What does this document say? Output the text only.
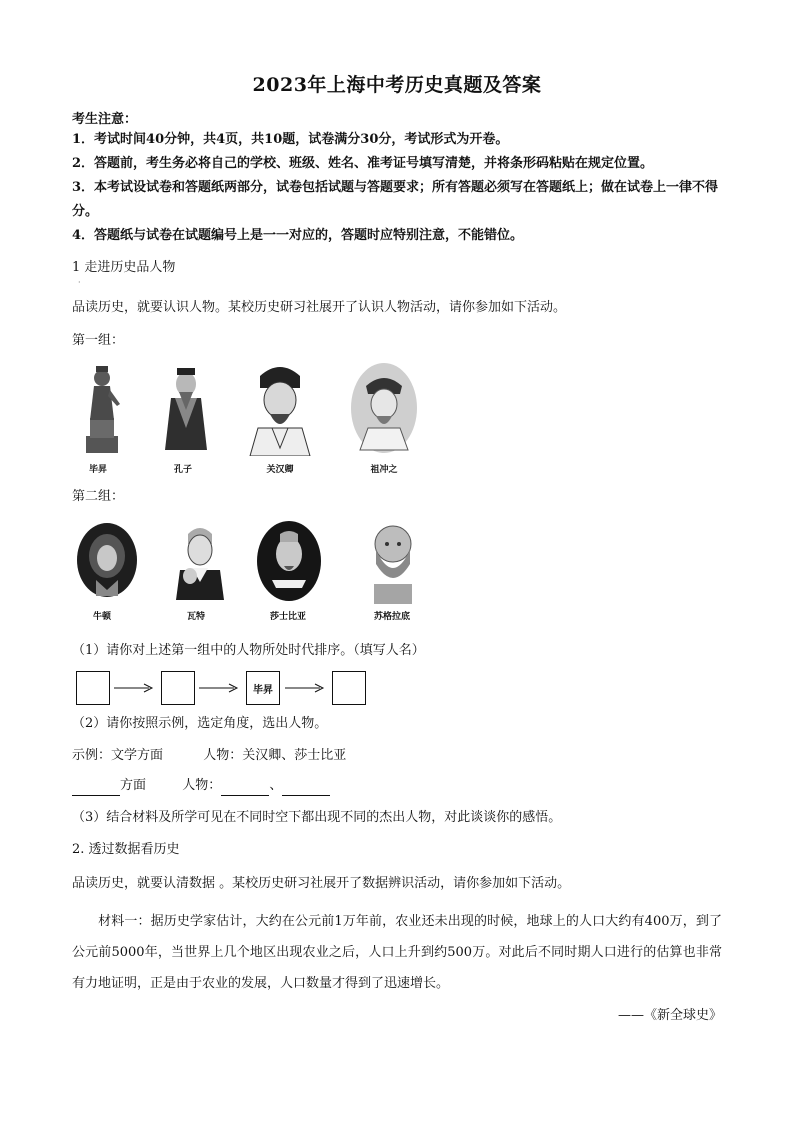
2023年上海中考历史真题及答案
考生注意：
1．考试时间40分钟，共4页，共10题，试卷满分30分，考试形式为开卷。
2．答题前，考生务必将自己的学校、班级、姓名、准考证号填写清楚，并将条形码粘贴在规定位置。
3．本考试设试卷和答题纸两部分，试卷包括试题与答题要求；所有答题必须写在答题纸上；做在试卷上一律不得分。
4．答题纸与试卷在试题编号上是一一对应的，答题时应特别注意，不能错位。
1 走进历史品人物
·
品读历史，就要认识人物。某校历史研习社展开了认识人物活动，请你参加如下活动。
第一组：
毕昇	孔子	关汉卿	祖冲之
第二组：
牛顿	瓦特	莎士比亚	苏格拉底
（1）请你对上述第一组中的人物所处时代排序。（填写人名）
毕昇
（2）请你按照示例，选定角度，选出人物。
示例：文学方面	人物：关汉卿、莎士比亚
方面	人物：	、
（3）结合材料及所学可见在不同时空下都出现不同的杰出人物，对此谈谈你的感悟。
2. 透过数据看历史
品读历史，就要认清数据 。某校历史研习社展开了数据辨识活动，请你参加如下活动。
材料一：据历史学家估计，大约在公元前1万年前，农业还未出现的时候，地球上的人口大约有400万，到了公元前5000年，当世界上几个地区出现农业之后，人口上升到约500万。对此后不同时期人口进行的估算也非常有力地证明，正是由于农业的发展，人口数量才得到了迅速增长。
——《新全球史》
